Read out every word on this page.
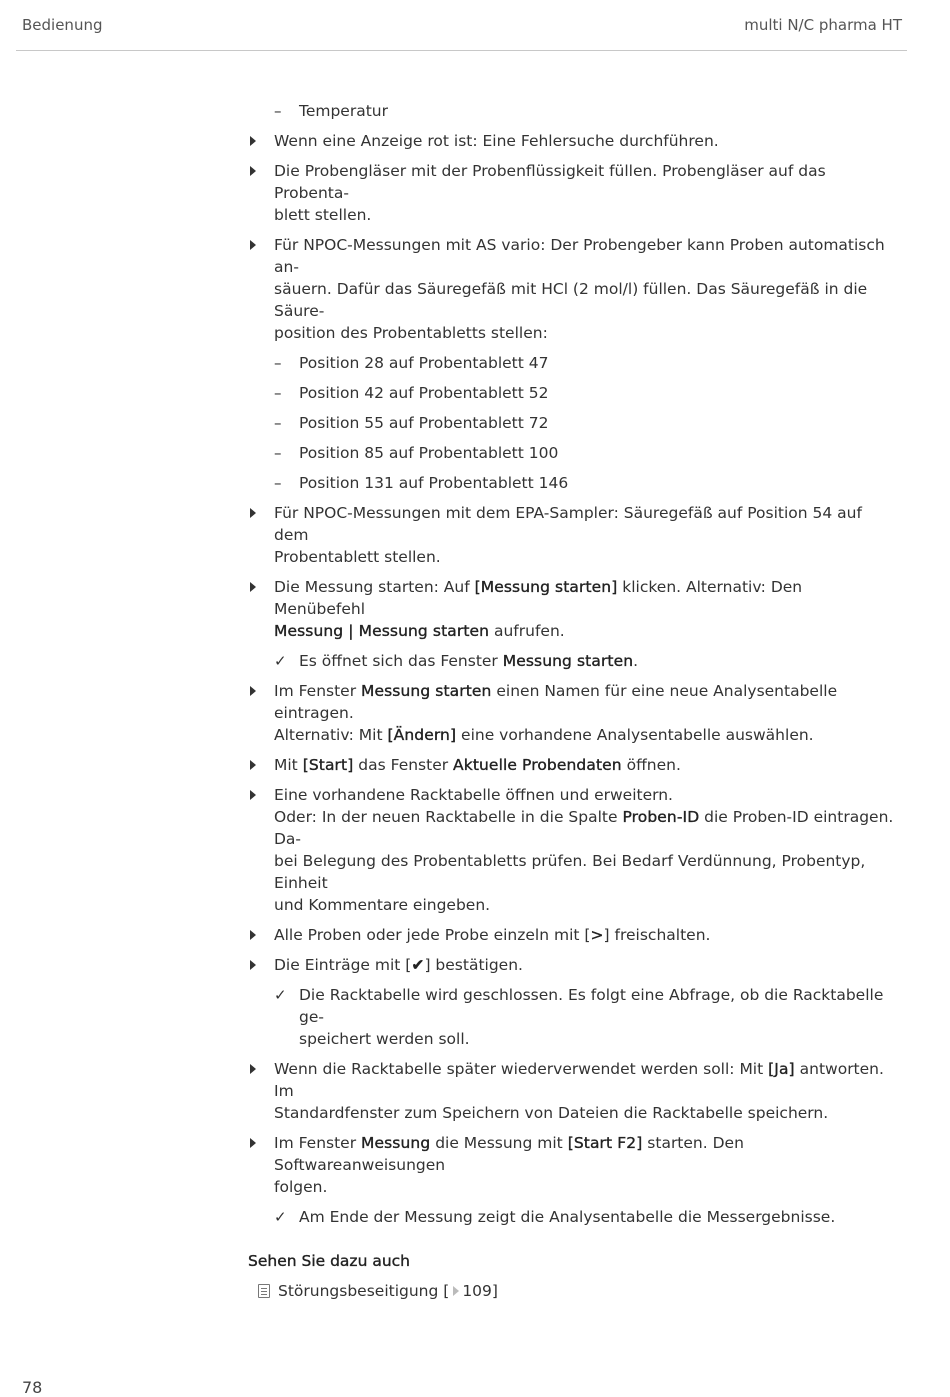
Bedienung	multi N/C pharma HT
– Temperatur
Wenn eine Anzeige rot ist: Eine Fehlersuche durchführen.
Die Probengläser mit der Probenflüssigkeit füllen. Probengläser auf das Probenta-
blett stellen.
Für NPOC-Messungen mit AS vario: Der Probengeber kann Proben automatisch an-
säuern. Dafür das Säuregefäß mit HCl (2 mol/l) füllen. Das Säuregefäß in die Säure-
position des Probentabletts stellen:
– Position 28 auf Probentablett 47
– Position 42 auf Probentablett 52
– Position 55 auf Probentablett 72
– Position 85 auf Probentablett 100
– Position 131 auf Probentablett 146
Für NPOC-Messungen mit dem EPA-Sampler: Säuregefäß auf Position 54 auf dem
Probentablett stellen.
Die Messung starten: Auf [Messung starten] klicken. Alternativ: Den Menübefehl
Messung | Messung starten aufrufen.
✓ Es öffnet sich das Fenster Messung starten.
Im Fenster Messung starten einen Namen für eine neue Analysentabelle eintragen.
Alternativ: Mit [Ändern] eine vorhandene Analysentabelle auswählen.
Mit [Start] das Fenster Aktuelle Probendaten öffnen.
Eine vorhandene Racktabelle öffnen und erweitern.
Oder: In der neuen Racktabelle in die Spalte Proben-ID die Proben-ID eintragen. Da-
bei Belegung des Probentabletts prüfen. Bei Bedarf Verdünnung, Probentyp, Einheit
und Kommentare eingeben.
Alle Proben oder jede Probe einzeln mit [>] freischalten.
Die Einträge mit [✔] bestätigen.
✓ Die Racktabelle wird geschlossen. Es folgt eine Abfrage, ob die Racktabelle ge-
speichert werden soll.
Wenn die Racktabelle später wiederverwendet werden soll: Mit [Ja] antworten. Im
Standardfenster zum Speichern von Dateien die Racktabelle speichern.
Im Fenster Messung die Messung mit [Start F2] starten. Den Softwareanweisungen
folgen.
✓ Am Ende der Messung zeigt die Analysentabelle die Messergebnisse.
Sehen Sie dazu auch
Störungsbeseitigung [ 109]
78
